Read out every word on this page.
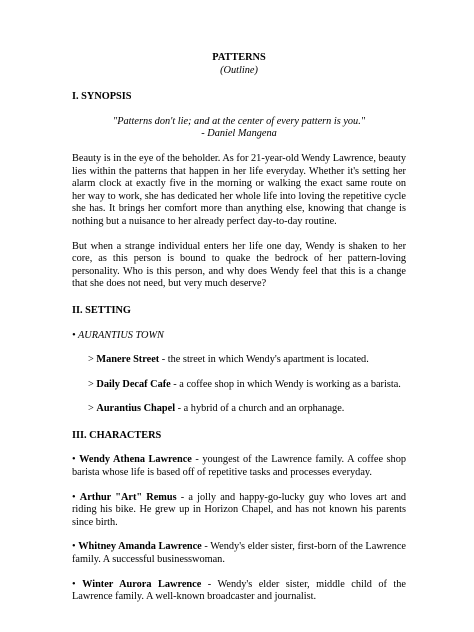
PATTERNS
(Outline)
I. SYNOPSIS
"Patterns don't lie; and at the center of every pattern is you."
- Daniel Mangena

Beauty is in the eye of the beholder. As for 21-year-old Wendy Lawrence, beauty lies within the patterns that happen in her life everyday. Whether it's setting her alarm clock at exactly five in the morning or walking the exact same route on her way to work, she has dedicated her whole life into loving the repetitive cycle she has. It brings her comfort more than anything else, knowing that change is nothing but a nuisance to her already perfect day-to-day routine.

But when a strange individual enters her life one day, Wendy is shaken to her core, as this person is bound to quake the bedrock of her pattern-loving personality. Who is this person, and why does Wendy feel that this is a change that she does not need, but very much deserve?

II. SETTING
• AURANTIUS TOWN

> Manere Street - the street in which Wendy's apartment is located.

> Daily Decaf Cafe - a coffee shop in which Wendy is working as a barista.

> Aurantius Chapel - a hybrid of a church and an orphanage.

III. CHARACTERS

• Wendy Athena Lawrence - youngest of the Lawrence family. A coffee shop barista whose life is based off of repetitive tasks and processes everyday.

• Arthur "Art" Remus - a jolly and happy-go-lucky guy who loves art and riding his bike. He grew up in Horizon Chapel, and has not known his parents since birth.

• Whitney Amanda Lawrence - Wendy's elder sister, first-born of the Lawrence family. A successful businesswoman.

• Winter Aurora Lawrence - Wendy's elder sister, middle child of the Lawrence family. A well-known broadcaster and journalist.
